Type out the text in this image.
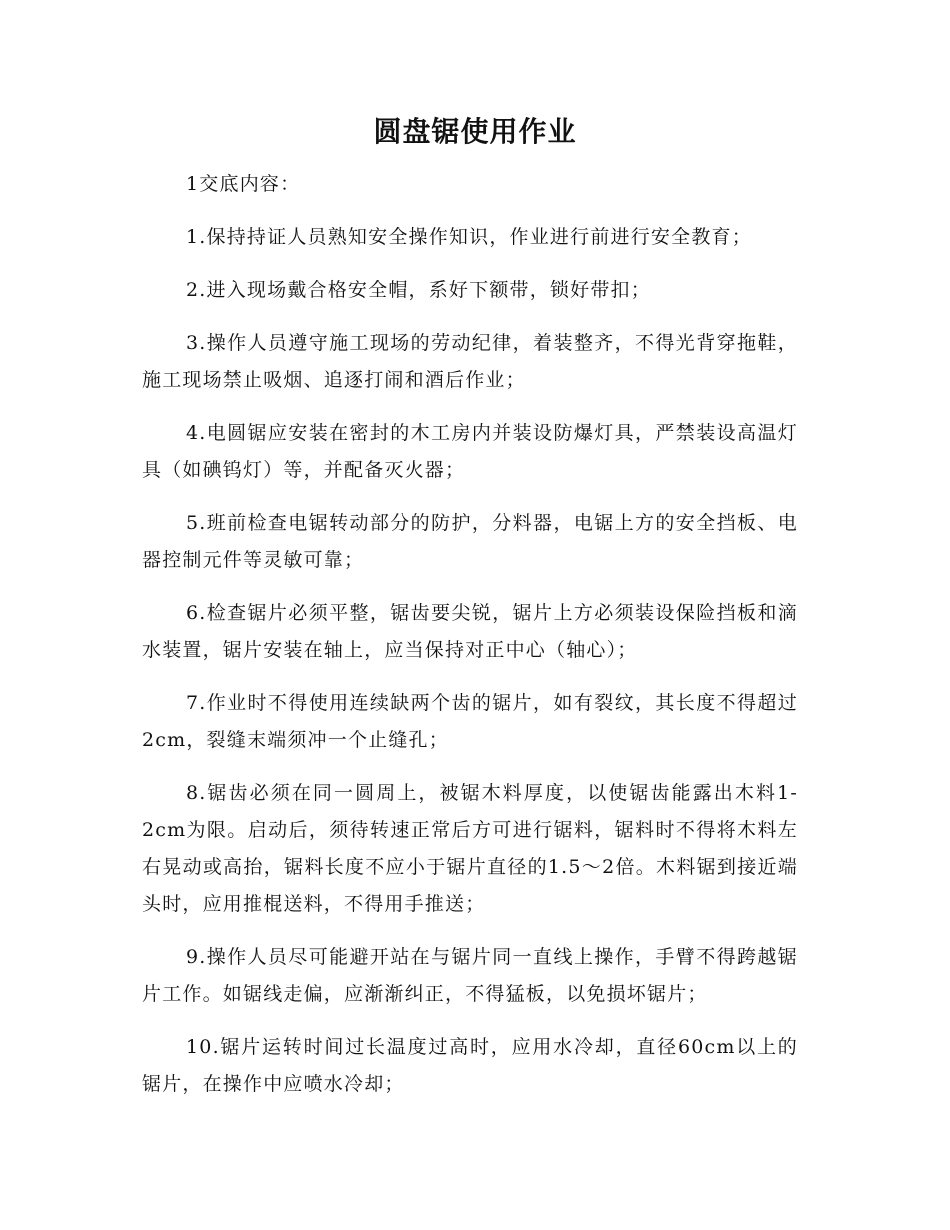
圆盘锯使用作业

1交底内容：

1.保持持证人员熟知安全操作知识，作业进行前进行安全教育；

2.进入现场戴合格安全帽，系好下额带，锁好带扣；

3.操作人员遵守施工现场的劳动纪律，着装整齐，不得光背穿拖鞋，施工现场禁止吸烟、追逐打闹和酒后作业；

4.电圆锯应安装在密封的木工房内并装设防爆灯具，严禁装设高温灯具（如碘钨灯）等，并配备灭火器；

5.班前检查电锯转动部分的防护，分料器，电锯上方的安全挡板、电器控制元件等灵敏可靠；

6.检查锯片必须平整，锯齿要尖锐，锯片上方必须装设保险挡板和滴水装置，锯片安装在轴上，应当保持对正中心（轴心）；

7.作业时不得使用连续缺两个齿的锯片，如有裂纹，其长度不得超过2cm，裂缝末端须冲一个止缝孔；

8.锯齿必须在同一圆周上，被锯木料厚度，以使锯齿能露出木料1-2cm为限。启动后，须待转速正常后方可进行锯料，锯料时不得将木料左右晃动或高抬，锯料长度不应小于锯片直径的1.5～2倍。木料锯到接近端头时，应用推棍送料，不得用手推送；

9.操作人员尽可能避开站在与锯片同一直线上操作，手臂不得跨越锯片工作。如锯线走偏，应渐渐纠正，不得猛板，以免损坏锯片；

10.锯片运转时间过长温度过高时，应用水冷却，直径60cm以上的锯片，在操作中应喷水冷却；
